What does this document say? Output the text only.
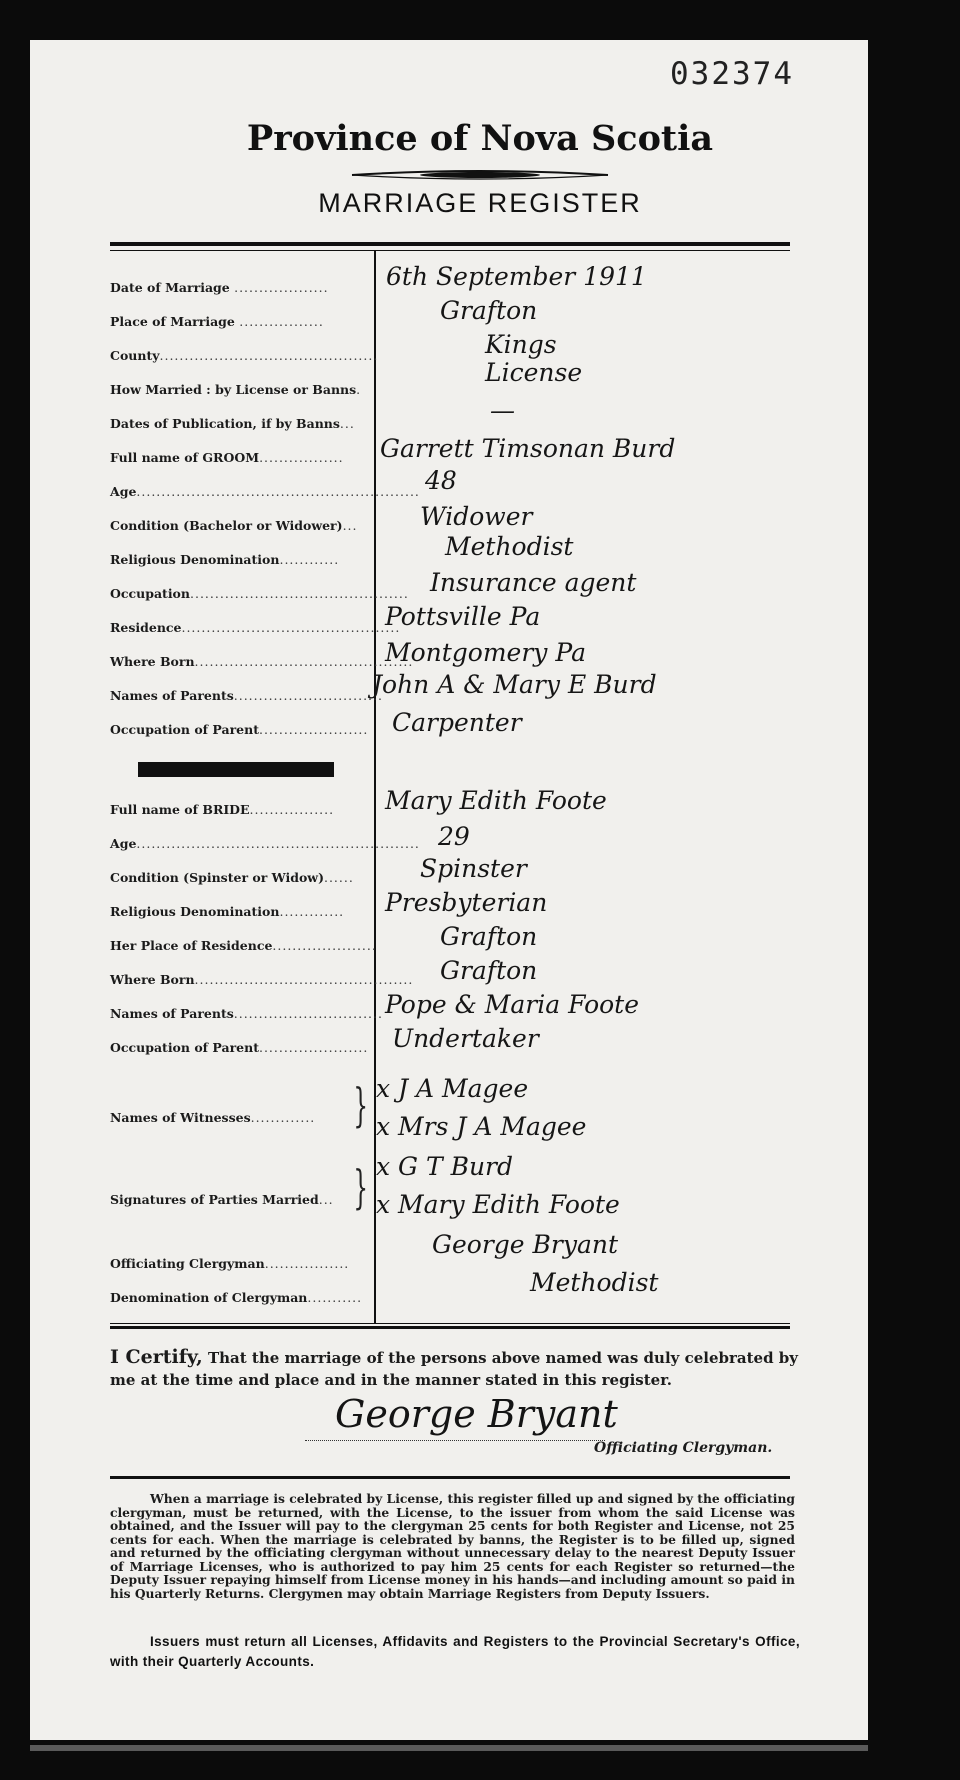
032374
Province of Nova Scotia
MARRIAGE REGISTER
Date of Marriage ...................
Place of Marriage .................
County............................................
How Married : by License or Banns.
Dates of Publication, if by Banns...
Full name of GROOM.................
Age.........................................................
Condition (Bachelor or Widower)...
Religious Denomination............
Occupation............................................
Residence............................................
Where Born............................................
Names of Parents..............................
Occupation of Parent......................
6th September 1911
Grafton
Kings
License
—
Garrett Timsonan Burd
48
Widower
Methodist
Insurance agent
Pottsville Pa
Montgomery Pa
John A & Mary E Burd
Carpenter
Full name of BRIDE.................
Age.........................................................
Condition (Spinster or Widow)......
Religious Denomination.............
Her Place of Residence.....................
Where Born............................................
Names of Parents..............................
Occupation of Parent......................
Mary Edith Foote
29
Spinster
Presbyterian
Grafton
Grafton
Pope & Maria Foote
Undertaker
Names of Witnesses............. } x J A Magee
x Mrs J A Magee
Signatures of Parties Married... } x G T Burd
x Mary Edith Foote
Officiating Clergyman.................
Denomination of Clergyman...........
George Bryant
Methodist
I Certify, That the marriage of the persons above named was duly celebrated by me at the time and place and in the manner stated in this register.
George Bryant
Officiating Clergyman.
When a marriage is celebrated by License, this register filled up and signed by the officiating clergyman, must be returned, with the License, to the issuer from whom the said License was obtained, and the Issuer will pay to the clergyman 25 cents for both Register and License, not 25 cents for each. When the marriage is celebrated by banns, the Register is to be filled up, signed and returned by the officiating clergyman without unnecessary delay to the nearest Deputy Issuer of Marriage Licenses, who is authorized to pay him 25 cents for each Register so returned—the Deputy Issuer repaying himself from License money in his hands—and including amount so paid in his Quarterly Returns. Clergymen may obtain Marriage Registers from Deputy Issuers.
Issuers must return all Licenses, Affidavits and Registers to the Provincial Secretary's Office, with their Quarterly Accounts.
